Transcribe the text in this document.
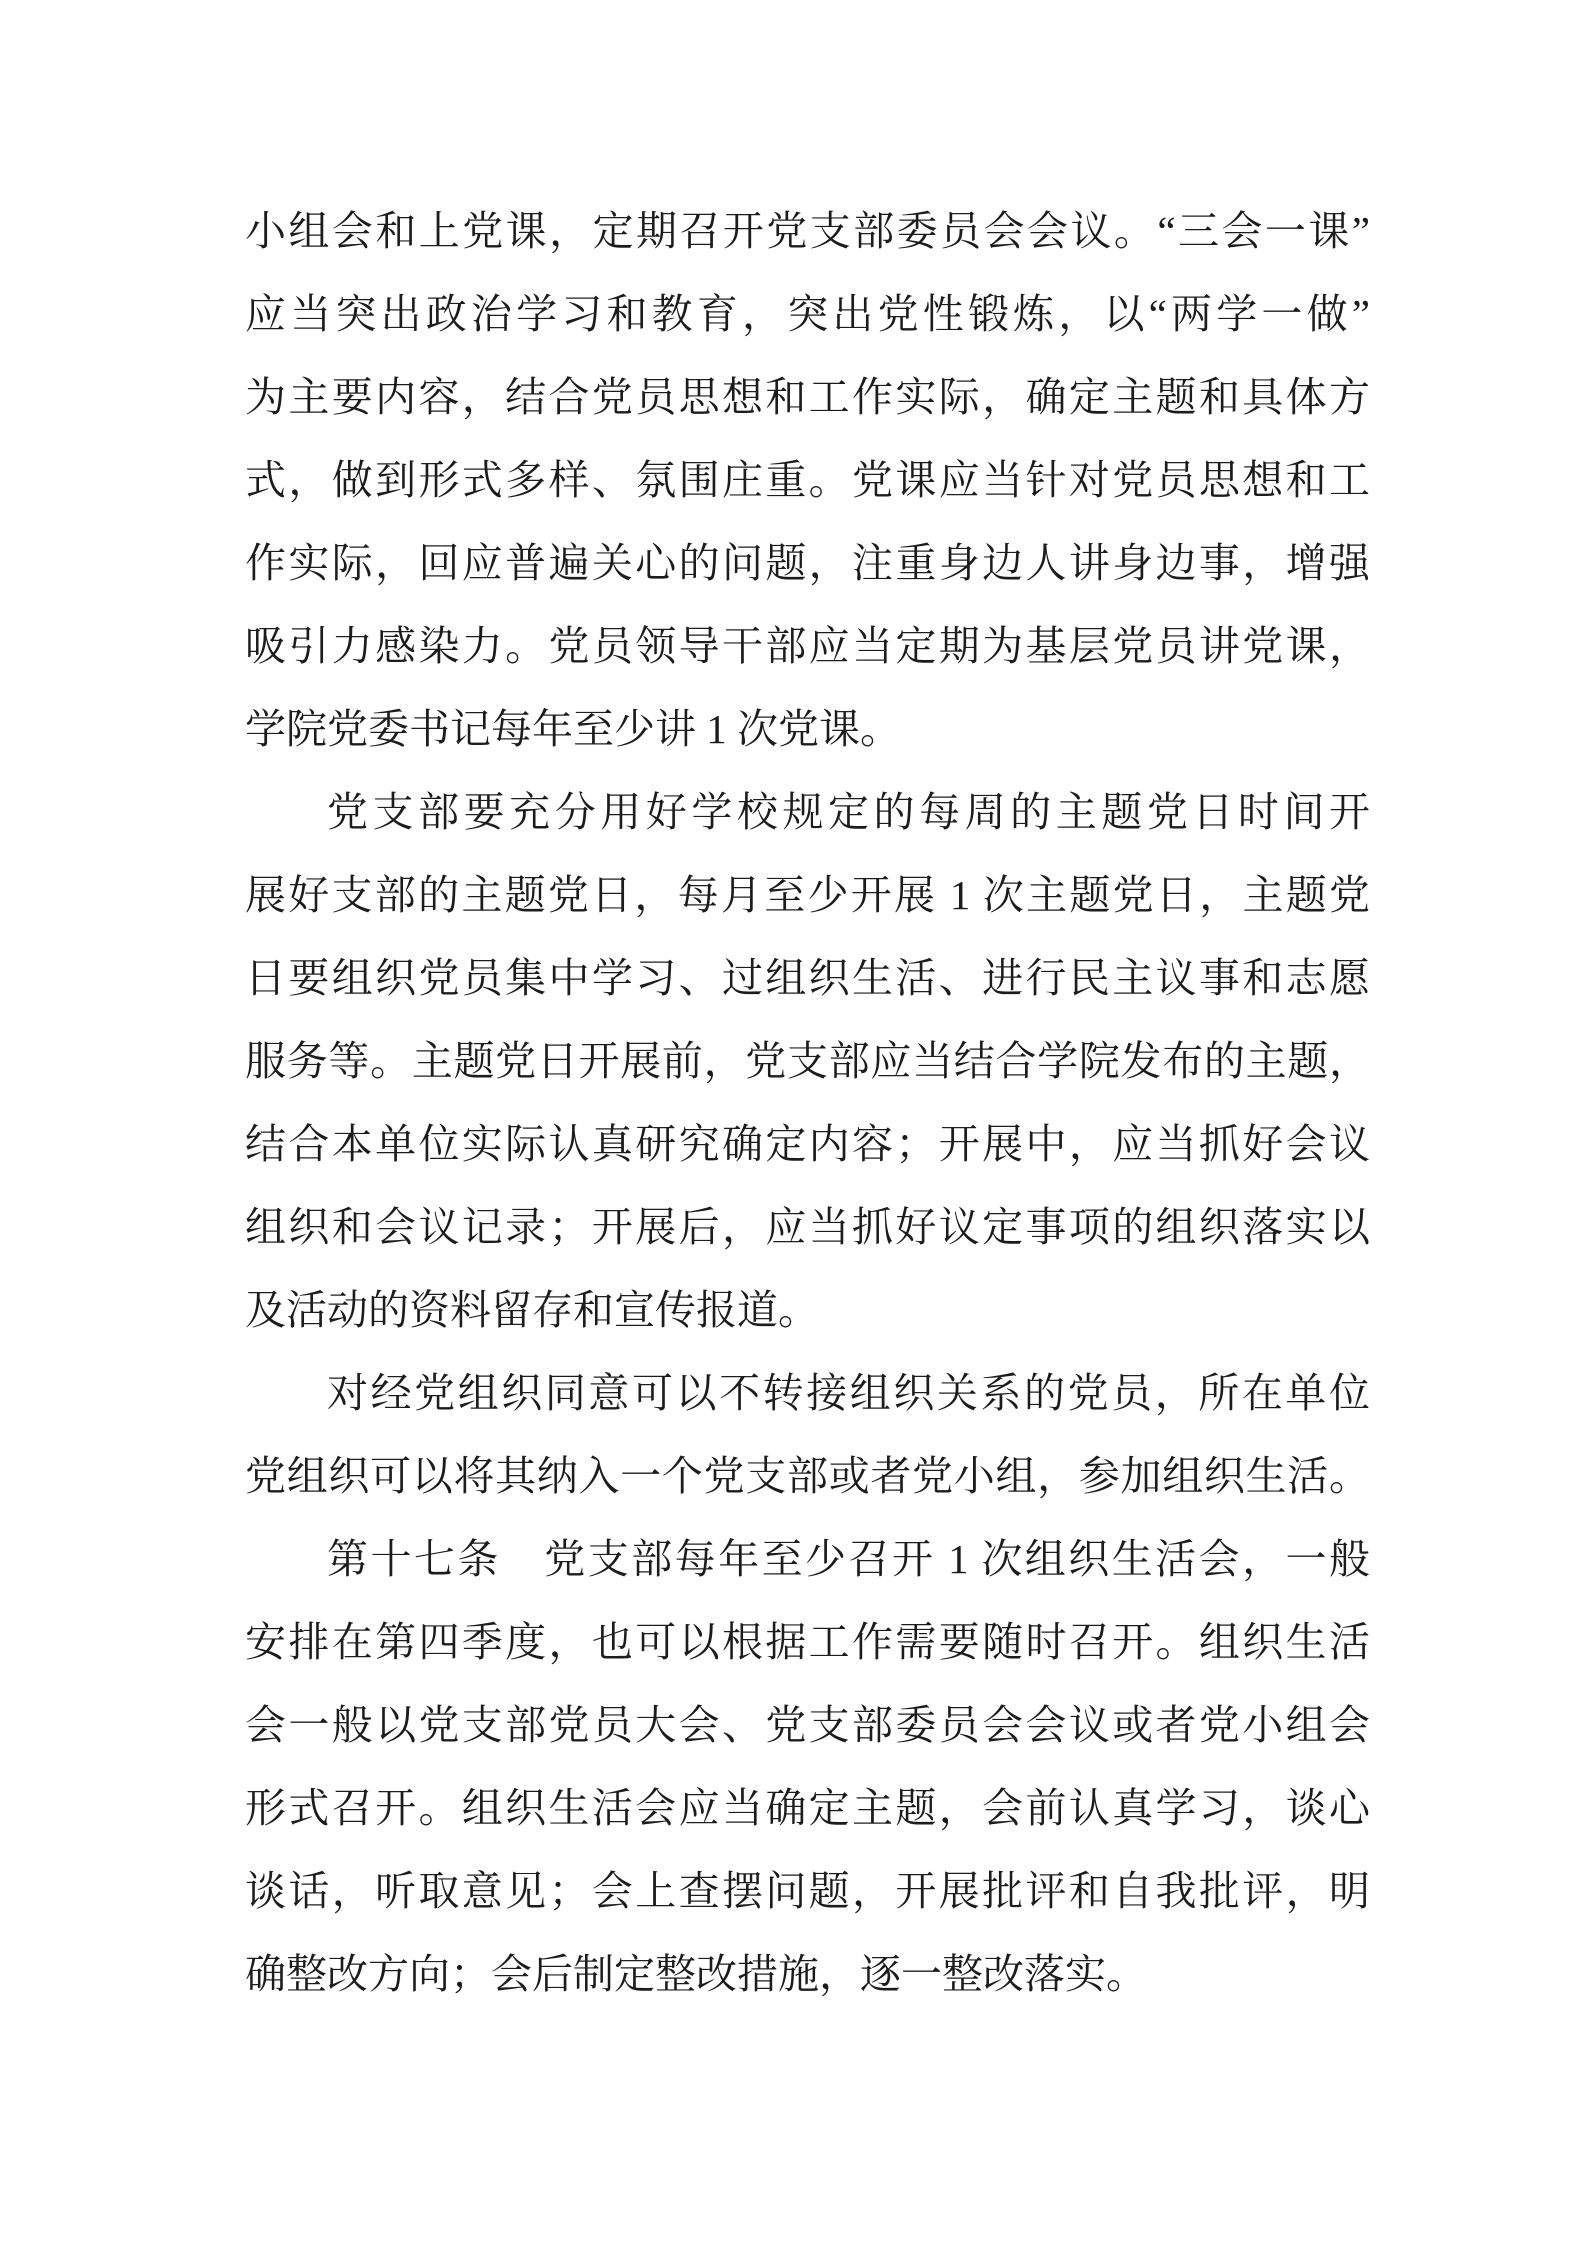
小组会和上党课，定期召开党支部委员会会议。“三会一课”
应当突出政治学习和教育，突出党性锻炼，以“两学一做”
为主要内容，结合党员思想和工作实际，确定主题和具体方
式，做到形式多样、氛围庄重。党课应当针对党员思想和工
作实际，回应普遍关心的问题，注重身边人讲身边事，增强
吸引力感染力。党员领导干部应当定期为基层党员讲党课，
学院党委书记每年至少讲 1 次党课。
党支部要充分用好学校规定的每周的主题党日时间开
展好支部的主题党日，每月至少开展 1 次主题党日，主题党
日要组织党员集中学习、过组织生活、进行民主议事和志愿
服务等。主题党日开展前，党支部应当结合学院发布的主题，
结合本单位实际认真研究确定内容；开展中，应当抓好会议
组织和会议记录；开展后，应当抓好议定事项的组织落实以
及活动的资料留存和宣传报道。
对经党组织同意可以不转接组织关系的党员，所在单位
党组织可以将其纳入一个党支部或者党小组，参加组织生活。
第十七条　党支部每年至少召开 1 次组织生活会，一般
安排在第四季度，也可以根据工作需要随时召开。组织生活
会一般以党支部党员大会、党支部委员会会议或者党小组会
形式召开。组织生活会应当确定主题，会前认真学习，谈心
谈话，听取意见；会上查摆问题，开展批评和自我批评，明
确整改方向；会后制定整改措施，逐一整改落实。
